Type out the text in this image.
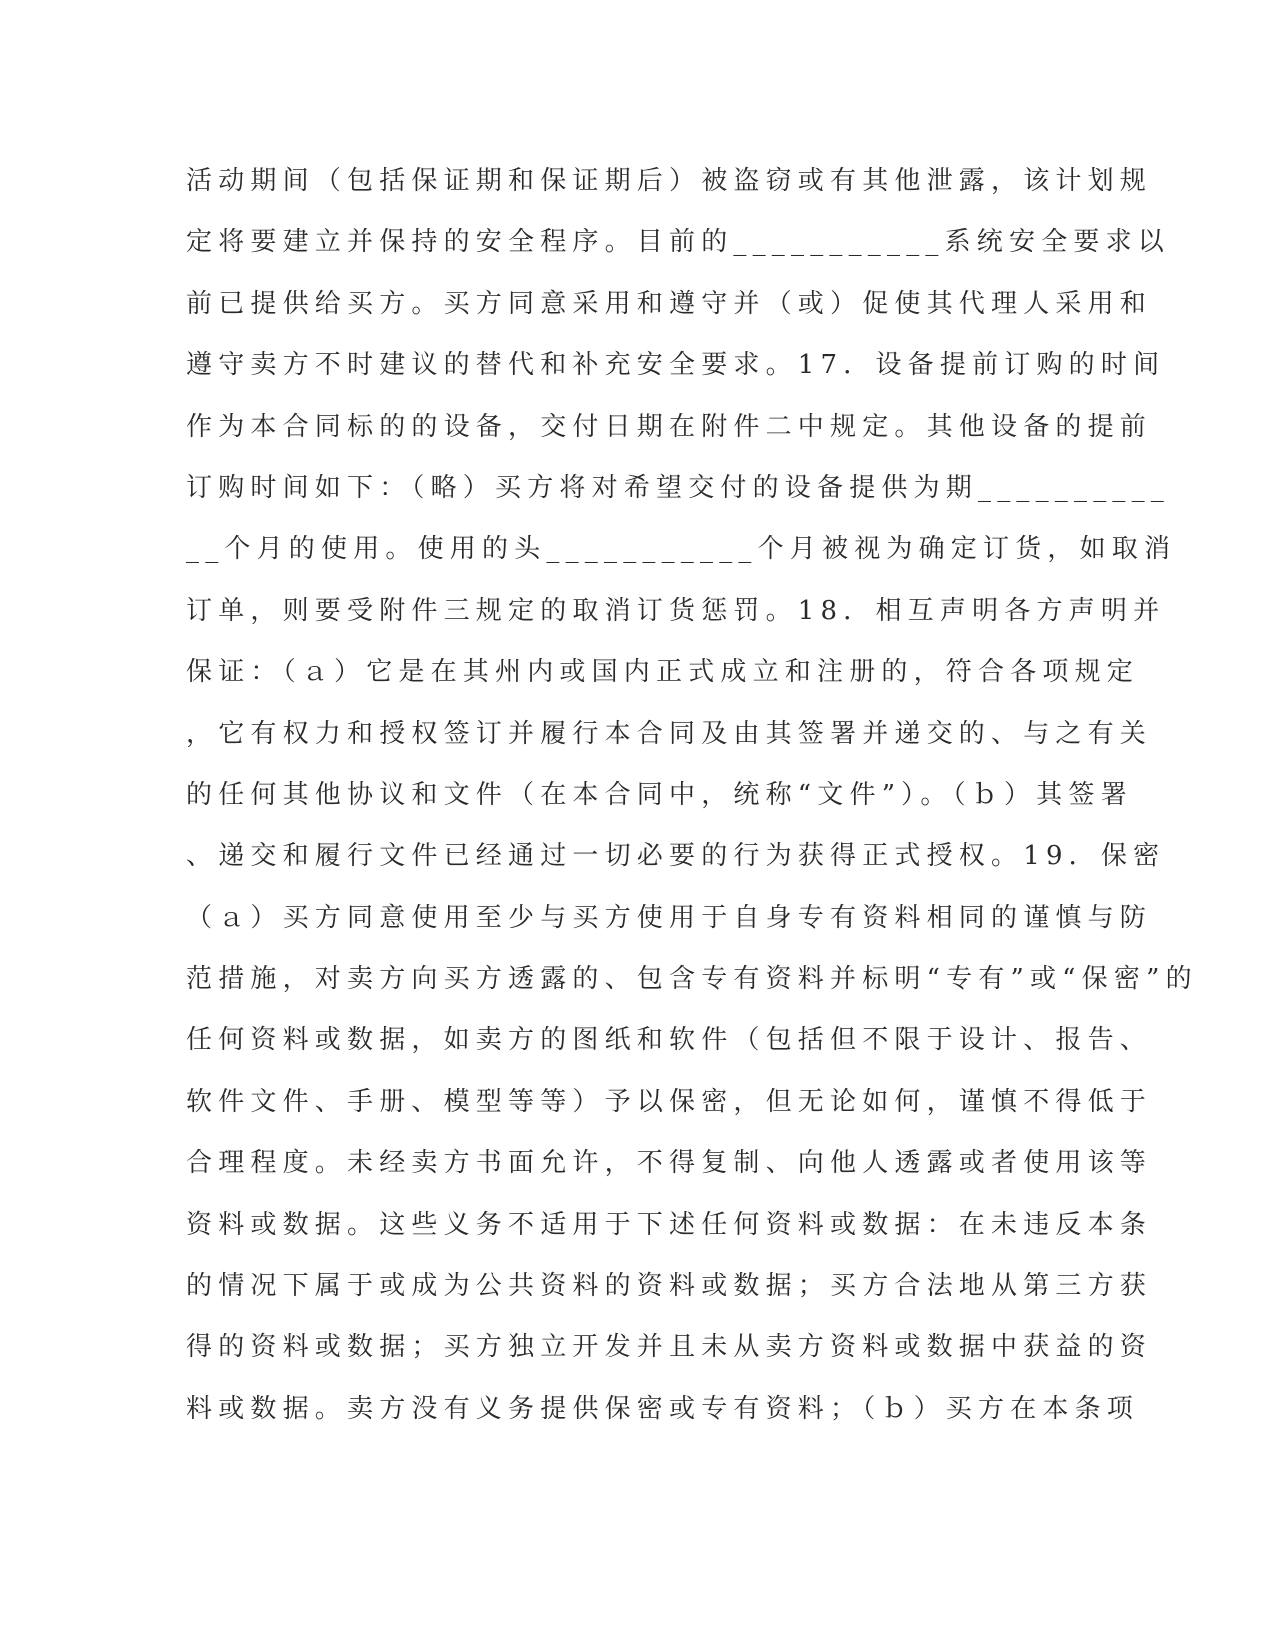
活动期间（包括保证期和保证期后）被盗窃或有其他泄露，该计划规
定将要建立并保持的安全程序。目前的___________系统安全要求以
前已提供给买方。买方同意采用和遵守并（或）促使其代理人采用和
遵守卖方不时建议的替代和补充安全要求。17．设备提前订购的时间
作为本合同标的的设备，交付日期在附件二中规定。其他设备的提前
订购时间如下：（略）买方将对希望交付的设备提供为期__________
__个月的使用。使用的头___________个月被视为确定订货，如取消
订单，则要受附件三规定的取消订货惩罚。18．相互声明各方声明并
保证：（ａ）它是在其州内或国内正式成立和注册的，符合各项规定
，它有权力和授权签订并履行本合同及由其签署并递交的、与之有关
的任何其他协议和文件（在本合同中，统称“文件”）。（ｂ）其签署
、递交和履行文件已经通过一切必要的行为获得正式授权。19．保密
（ａ）买方同意使用至少与买方使用于自身专有资料相同的谨慎与防
范措施，对卖方向买方透露的、包含专有资料并标明“专有”或“保密”的
任何资料或数据，如卖方的图纸和软件（包括但不限于设计、报告、
软件文件、手册、模型等等）予以保密，但无论如何，谨慎不得低于
合理程度。未经卖方书面允许，不得复制、向他人透露或者使用该等
资料或数据。这些义务不适用于下述任何资料或数据：在未违反本条
的情况下属于或成为公共资料的资料或数据；买方合法地从第三方获
得的资料或数据；买方独立开发并且未从卖方资料或数据中获益的资
料或数据。卖方没有义务提供保密或专有资料；（ｂ）买方在本条项
